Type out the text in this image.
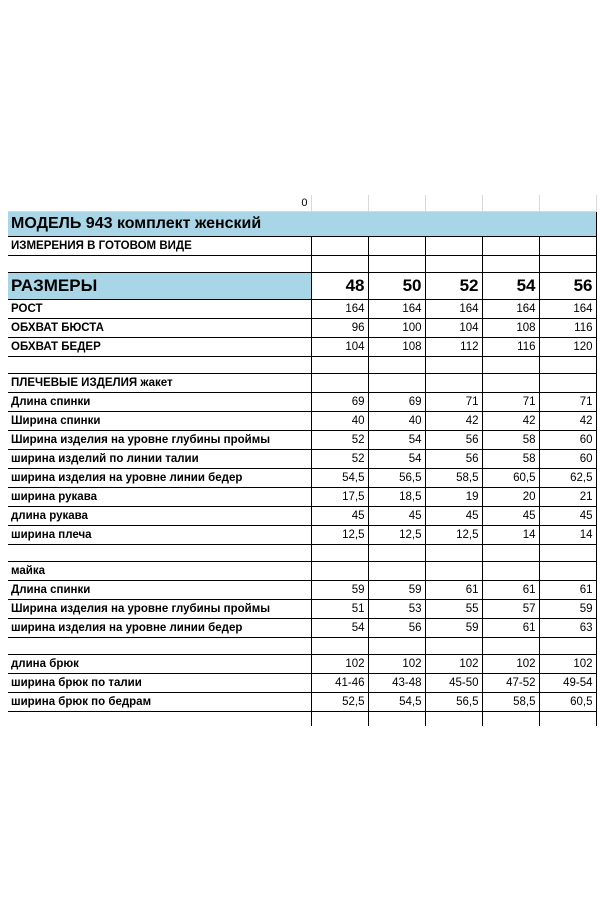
0					
МОДЕЛЬ 943 комплект женский					
ИЗМЕРЕНИЯ В ГОТОВОМ ВИДЕ					

РАЗМЕРЫ	48	50	52	54	56
РОСТ	164	164	164	164	164
ОБХВАТ БЮСТА	96	100	104	108	116
ОБХВАТ БЕДЕР	104	108	112	116	120

ПЛЕЧЕВЫЕ ИЗДЕЛИЯ жакет					
Длина спинки	69	69	71	71	71
Ширина спинки	40	40	42	42	42
Ширина изделия на уровне глубины проймы	52	54	56	58	60
ширина изделий по линии талии	52	54	56	58	60
ширина изделия на уровне линии бедер	54,5	56,5	58,5	60,5	62,5
ширина рукава	17,5	18,5	19	20	21
длина рукава	45	45	45	45	45
ширина плеча	12,5	12,5	12,5	14	14

майка					
Длина спинки	59	59	61	61	61
Ширина изделия на уровне глубины проймы	51	53	55	57	59
ширина изделия на уровне линии бедер	54	56	59	61	63

длина брюк	102	102	102	102	102
ширина брюк по талии	41-46	43-48	45-50	47-52	49-54
ширина брюк по бедрам	52,5	54,5	56,5	58,5	60,5
